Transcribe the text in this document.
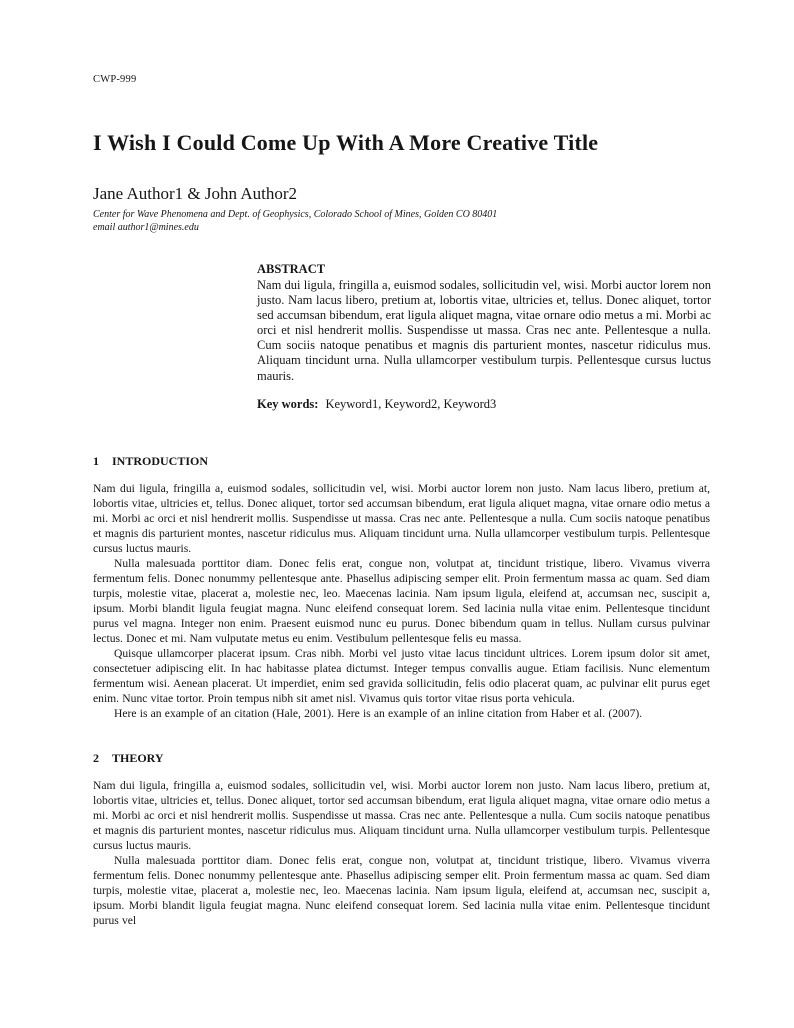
CWP-999
I Wish I Could Come Up With A More Creative Title
Jane Author1 & John Author2
Center for Wave Phenomena and Dept. of Geophysics, Colorado School of Mines, Golden CO 80401
email author1@mines.edu
ABSTRACT

Nam dui ligula, fringilla a, euismod sodales, sollicitudin vel, wisi. Morbi auctor lorem non justo. Nam lacus libero, pretium at, lobortis vitae, ultricies et, tellus. Donec aliquet, tortor sed accumsan bibendum, erat ligula aliquet magna, vitae ornare odio metus a mi. Morbi ac orci et nisl hendrerit mollis. Suspendisse ut massa. Cras nec ante. Pellentesque a nulla. Cum sociis natoque penatibus et magnis dis parturient montes, nascetur ridiculus mus. Aliquam tincidunt urna. Nulla ullamcorper vestibulum turpis. Pellentesque cursus luctus mauris.

Key words: Keyword1, Keyword2, Keyword3

1 INTRODUCTION

Nam dui ligula, fringilla a, euismod sodales, sollicitudin vel, wisi. Morbi auctor lorem non justo. Nam lacus libero, pretium at, lobortis vitae, ultricies et, tellus. Donec aliquet, tortor sed accumsan bibendum, erat ligula aliquet magna, vitae ornare odio metus a mi. Morbi ac orci et nisl hendrerit mollis. Suspendisse ut massa. Cras nec ante. Pellentesque a nulla. Cum sociis natoque penatibus et magnis dis parturient montes, nascetur ridiculus mus. Aliquam tincidunt urna. Nulla ullamcorper vestibulum turpis. Pellentesque cursus luctus mauris.

Nulla malesuada porttitor diam. Donec felis erat, congue non, volutpat at, tincidunt tristique, libero. Vivamus viverra fermentum felis. Donec nonummy pellentesque ante. Phasellus adipiscing semper elit. Proin fermentum massa ac quam. Sed diam turpis, molestie vitae, placerat a, molestie nec, leo. Maecenas lacinia. Nam ipsum ligula, eleifend at, accumsan nec, suscipit a, ipsum. Morbi blandit ligula feugiat magna. Nunc eleifend consequat lorem. Sed lacinia nulla vitae enim. Pellentesque tincidunt purus vel magna. Integer non enim. Praesent euismod nunc eu purus. Donec bibendum quam in tellus. Nullam cursus pulvinar lectus. Donec et mi. Nam vulputate metus eu enim. Vestibulum pellentesque felis eu massa.

Quisque ullamcorper placerat ipsum. Cras nibh. Morbi vel justo vitae lacus tincidunt ultrices. Lorem ipsum dolor sit amet, consectetuer adipiscing elit. In hac habitasse platea dictumst. Integer tempus convallis augue. Etiam facilisis. Nunc elementum fermentum wisi. Aenean placerat. Ut imperdiet, enim sed gravida sollicitudin, felis odio placerat quam, ac pulvinar elit purus eget enim. Nunc vitae tortor. Proin tempus nibh sit amet nisl. Vivamus quis tortor vitae risus porta vehicula.

Here is an example of an citation (Hale, 2001). Here is an example of an inline citation from Haber et al. (2007).

2 THEORY

Nam dui ligula, fringilla a, euismod sodales, sollicitudin vel, wisi. Morbi auctor lorem non justo. Nam lacus libero, pretium at, lobortis vitae, ultricies et, tellus. Donec aliquet, tortor sed accumsan bibendum, erat ligula aliquet magna, vitae ornare odio metus a mi. Morbi ac orci et nisl hendrerit mollis. Suspendisse ut massa. Cras nec ante. Pellentesque a nulla. Cum sociis natoque penatibus et magnis dis parturient montes, nascetur ridiculus mus. Aliquam tincidunt urna. Nulla ullamcorper vestibulum turpis. Pellentesque cursus luctus mauris.

Nulla malesuada porttitor diam. Donec felis erat, congue non, volutpat at, tincidunt tristique, libero. Vivamus viverra fermentum felis. Donec nonummy pellentesque ante. Phasellus adipiscing semper elit. Proin fermentum massa ac quam. Sed diam turpis, molestie vitae, placerat a, molestie nec, leo. Maecenas lacinia. Nam ipsum ligula, eleifend at, accumsan nec, suscipit a, ipsum. Morbi blandit ligula feugiat magna. Nunc eleifend consequat lorem. Sed lacinia nulla vitae enim. Pellentesque tincidunt purus vel
